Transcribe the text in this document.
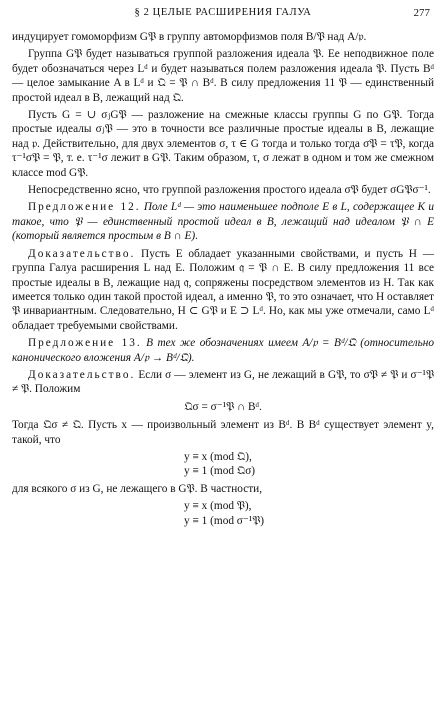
§ 2 ЦЕЛЫЕ РАСШИРЕНИЯ ГАЛУА	277

индуцирует гомоморфизм G𝔓 в группу автоморфизмов поля B/𝔓 над A/𝔭.

Группа G𝔓 будет называться группой разложения идеала 𝔓. Ее неподвижное поле будет обозначаться через Lᵈ и будет называться полем разложения идеала 𝔓. Пусть Bᵈ — целое замыкание A в Lᵈ и 𝔔 = 𝔓 ∩ Bᵈ. В силу предложения 11 𝔓 — единственный простой идеал в B, лежащий над 𝔔.

Пусть G = ∪ σⱼG𝔓 — разложение на смежные классы группы G по G𝔓. Тогда простые идеалы σⱼ𝔓 — это в точности все различные простые идеалы в B, лежащие над 𝔭. Действительно, для двух элементов σ, τ ∈ G тогда и только тогда σ𝔓 = τ𝔓, когда τ⁻¹σ𝔓 = 𝔓, т. е. τ⁻¹σ лежит в G𝔓. Таким образом, τ, σ лежат в одном и том же смежном классе mod G𝔓.

Непосредственно ясно, что группой разложения простого идеала σ𝔓 будет σG𝔓σ⁻¹.

Предложение 12. Поле Lᵈ — это наименьшее подполе E в L, содержащее K и такое, что 𝔓 — единственный простой идеал в B, лежащий над идеалом 𝔓 ∩ E (который является простым в B ∩ E).

Доказательство. Пусть E обладает указанными свойствами, и пусть H — группа Галуа расширения L над E. Положим 𝔮 = 𝔓 ∩ E. В силу предложения 11 все простые идеалы в B, лежащие над 𝔮, сопряжены посредством элементов из H. Так как имеется только один такой простой идеал, а именно 𝔓, то это означает, что H оставляет 𝔓 инвариантным. Следовательно, H ⊂ G𝔓 и E ⊃ Lᵈ. Но, как мы уже отмечали, само Lᵈ обладает требуемыми свойствами.

Предложение 13. В тех же обозначениях имеем A/𝔭 = Bᵈ/𝔔 (относительно канонического вложения A/𝔭 → Bᵈ/𝔔).

Доказательство. Если σ — элемент из G, не лежащий в G𝔓, то σ𝔓 ≠ 𝔓 и σ⁻¹𝔓 ≠ 𝔓. Положим

𝔔σ = σ⁻¹𝔓 ∩ Bᵈ.

Тогда 𝔔σ ≠ 𝔔. Пусть x — произвольный элемент из Bᵈ. В Bᵈ существует элемент y, такой, что

y ≡ x (mod 𝔔),
y ≡ 1 (mod 𝔔σ)

для всякого σ из G, не лежащего в G𝔓. В частности,

y ≡ x (mod 𝔓),
y ≡ 1 (mod σ⁻¹𝔓)
